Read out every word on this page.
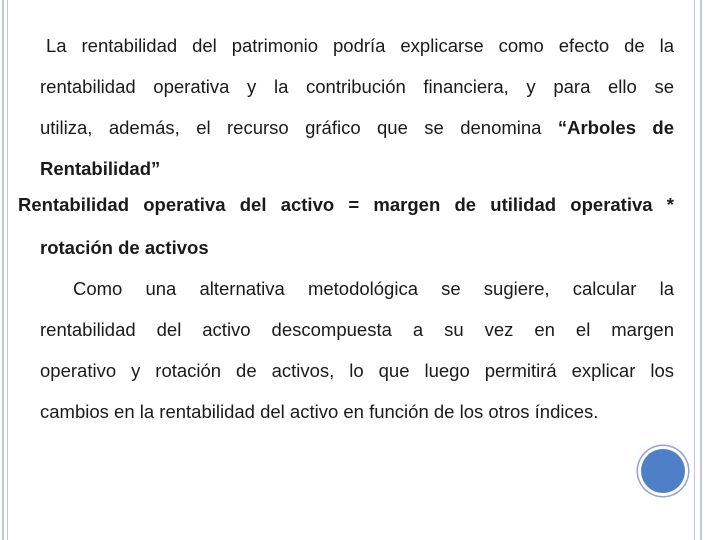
La rentabilidad del patrimonio podría explicarse como efecto de la
rentabilidad operativa y la contribución financiera, y para ello se
utiliza, además, el recurso gráfico que se denomina “Arboles de
Rentabilidad”
Rentabilidad operativa del activo = margen de utilidad operativa *
rotación de activos
Como una alternativa metodológica se sugiere, calcular la
rentabilidad del activo descompuesta a su vez en el margen
operativo y rotación de activos, lo que luego permitirá explicar los
cambios en la rentabilidad del activo en función de los otros índices.
